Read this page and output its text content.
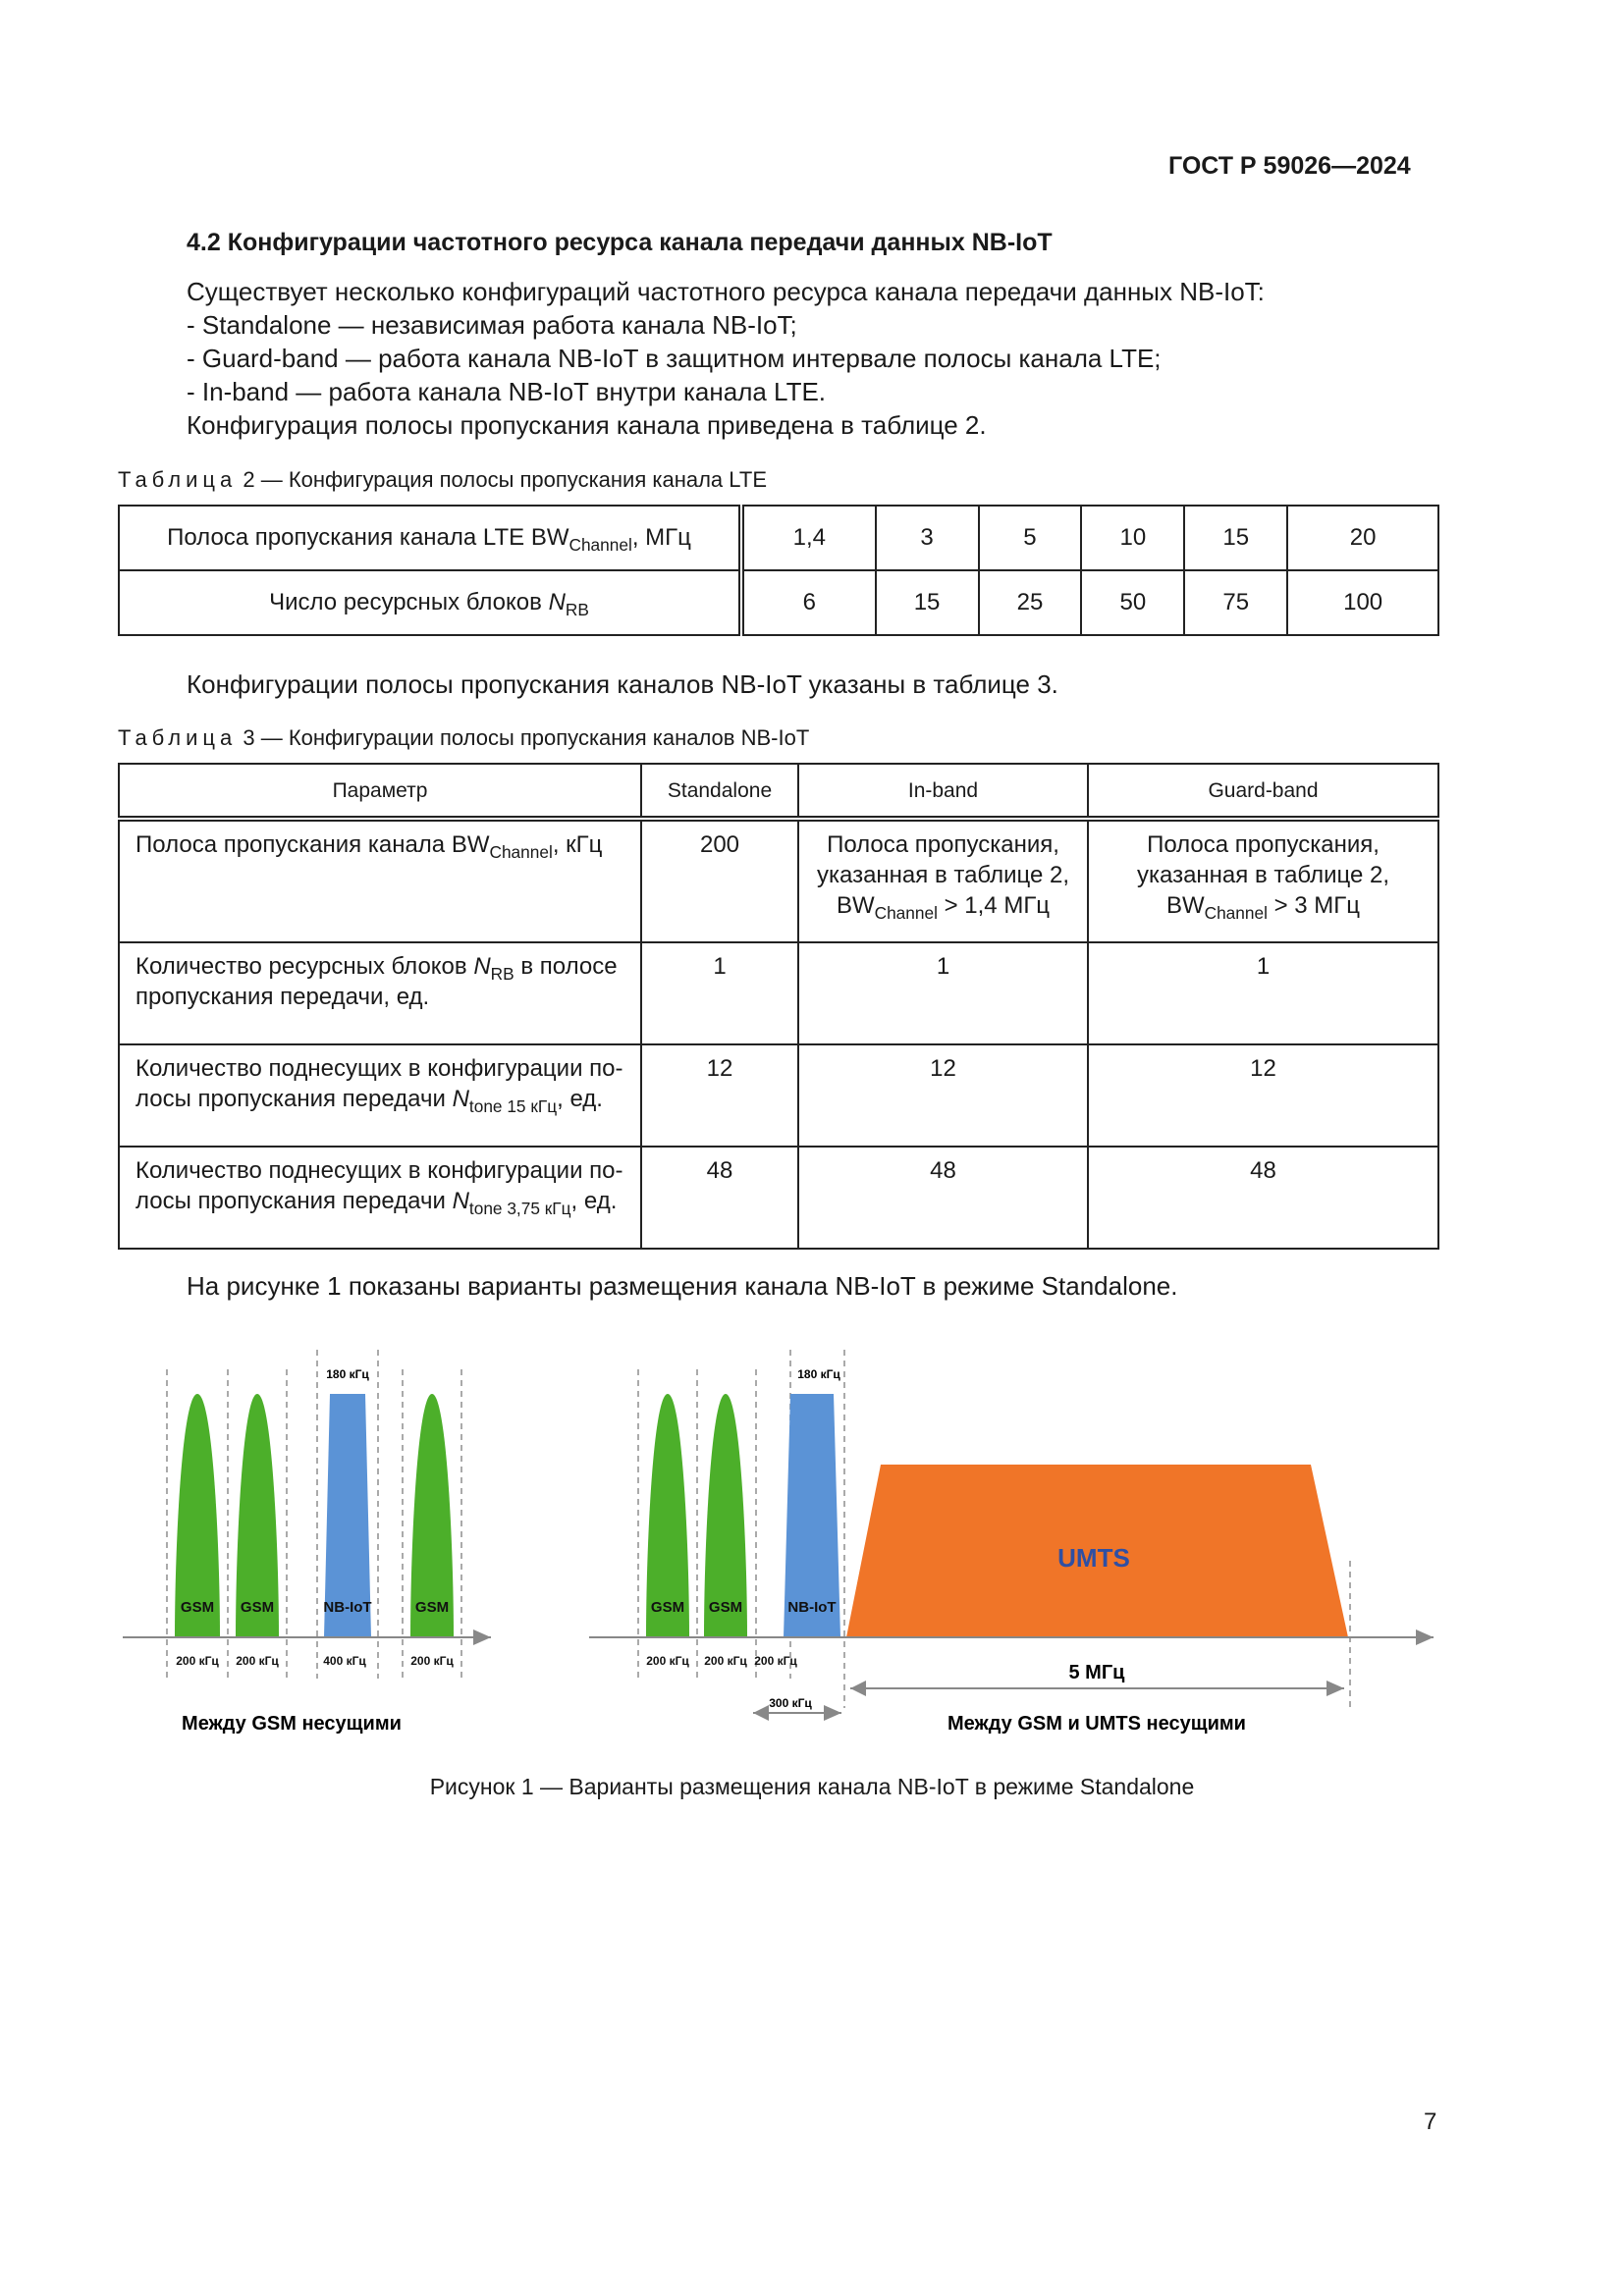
ГОСТ Р 59026—2024
4.2 Конфигурации частотного ресурса канала передачи данных NB-IoT
Существует несколько конфигураций частотного ресурса канала передачи данных NB-IoT:
- Standalone — независимая работа канала NB-IoT;
- Guard-band — работа канала NB-IoT в защитном интервале полосы канала LTE;
- In-band — работа канала NB-IoT внутри канала LTE.
Конфигурация полосы пропускания канала приведена в таблице 2.
Таблица 2 — Конфигурация полосы пропускания канала LTE
Полоса пропускания канала LTE $BW_{Channel}$, МГц	1,4	3	5	10	15	20
Число ресурсных блоков $N_{RB}$	6	15	25	50	75	100
Конфигурации полосы пропускания каналов NB-IoT указаны в таблице 3.
Таблица 3 — Конфигурации полосы пропускания каналов NB-IoT
Параметр	Standalone	In-band	Guard-band
Полоса пропускания канала $BW_{Channel}$, кГц	200	Полоса пропускания,
указанная в таблице 2,
$BW_{Channel} > 1,4$ МГц	Полоса пропускания,
указанная в таблице 2,
$BW_{Channel} > 3$ МГц
Количество ресурсных блоков $N_{RB}$ в полосе
пропускания передачи, ед.	1	1	1
Количество поднесущих в конфигурации по-
лосы пропускания передачи $N_{tone 15 кГц}$, ед.	12	12	12
Количество поднесущих в конфигурации по-
лосы пропускания передачи $N_{tone 3,75 кГц}$, ед.	48	48	48
На рисунке 1 показаны варианты размещения канала NB-IoT в режиме Standalone.
GSM GSM	NB-IoT	GSM
180 кГц
200 кГц 200 кГц	400 кГц	200 кГц
Между GSM несущими
GSM GSM	NB-IoT
UMTS
180 кГц
200 кГц 200 кГц 200 кГц
5 МГц
300 кГц
Между GSM и UMTS несущими
Рисунок 1 — Варианты размещения канала NB-IoT в режиме Standalone
7
